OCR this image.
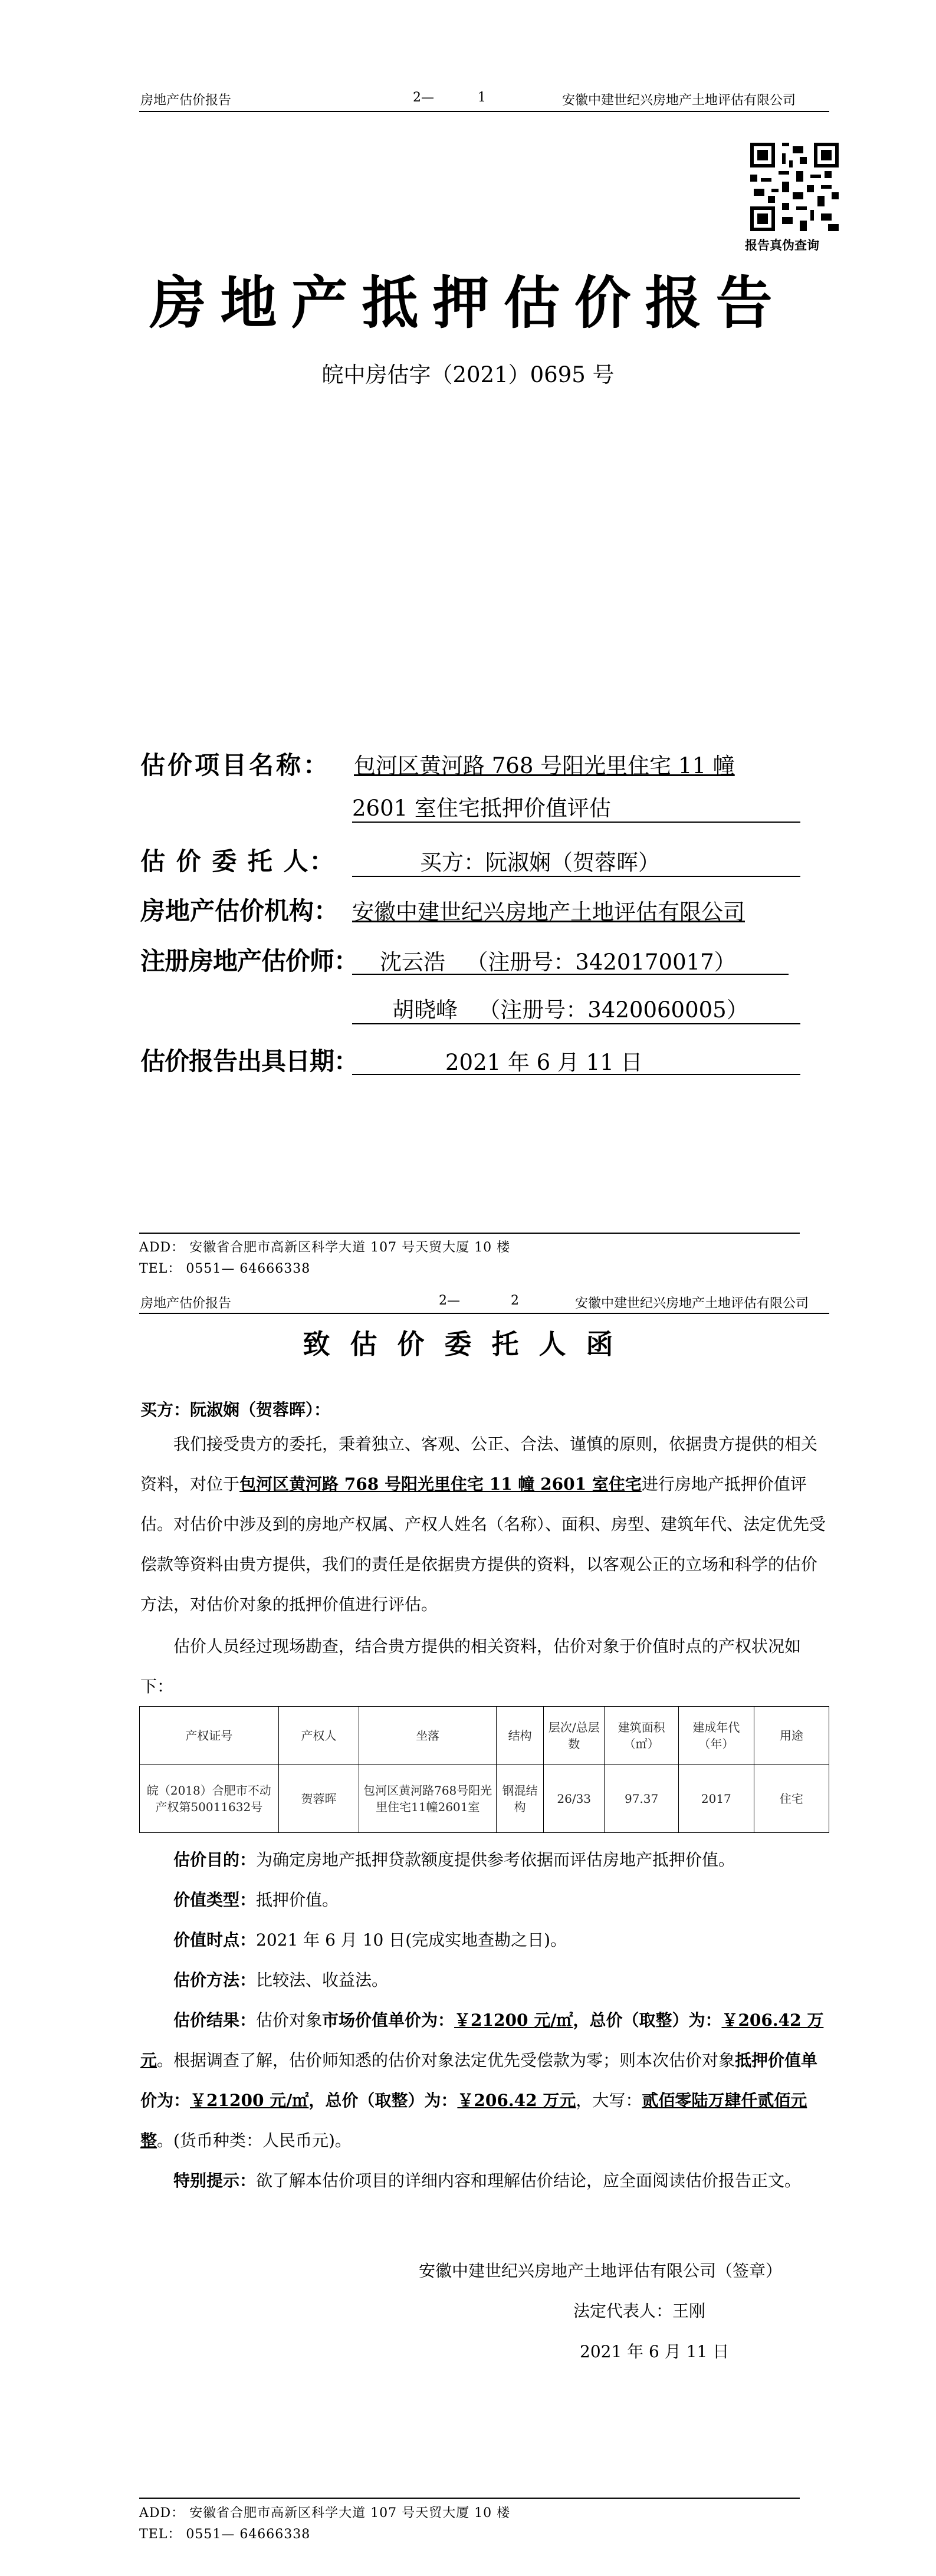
房地产估价报告	2—	1	安徽中建世纪兴房地产土地评估有限公司
报告真伪查询
房地产抵押估价报告
皖中房估字（2021）0695 号
估价项目名称： 包河区黄河路 768 号阳光里住宅 11 幢
2601 室住宅抵押价值评估
估 价 委 托 人：	买方：阮淑娴（贺蓉晖）
房地产估价机构： 安徽中建世纪兴房地产土地评估有限公司
注册房地产估价师： 沈云浩   （注册号：3420170017）
胡晓峰   （注册号：3420060005）
估价报告出具日期：	2021 年 6 月 11 日
ADD： 安徽省合肥市高新区科学大道 107 号天贸大厦 10 楼
TEL： 0551— 64666338
房地产估价报告	2—	2	安徽中建世纪兴房地产土地评估有限公司
致估价委托人函
买方：阮淑娴（贺蓉晖）：
我们接受贵方的委托，秉着独立、客观、公正、合法、谨慎的原则，依据贵方提供的相关资料，对位于包河区黄河路 768 号阳光里住宅 11 幢 2601 室住宅进行房地产抵押价值评估。对估价中涉及到的房地产权属、产权人姓名（名称）、面积、房型、建筑年代、法定优先受偿款等资料由贵方提供，我们的责任是依据贵方提供的资料，以客观公正的立场和科学的估价方法，对估价对象的抵押价值进行评估。
估价人员经过现场勘查，结合贵方提供的相关资料，估价对象于价值时点的产权状况如下：
产权证号	产权人	坐落	结构	层次/总层数	建筑面积（㎡）	建成年代（年）	用途
皖（2018）合肥市不动产权第50011632号	贺蓉晖	包河区黄河路768号阳光里住宅11幢2601室	钢混结构	26/33	97.37	2017	住宅
估价目的：为确定房地产抵押贷款额度提供参考依据而评估房地产抵押价值。
价值类型：抵押价值。
价值时点：2021 年 6 月 10 日(完成实地查勘之日)。
估价方法：比较法、收益法。
估价结果：估价对象市场价值单价为：￥21200 元/㎡，总价（取整）为：￥206.42 万元。根据调查了解，估价师知悉的估价对象法定优先受偿款为零；则本次估价对象抵押价值单价为：￥21200 元/㎡，总价（取整）为：￥206.42 万元，大写：贰佰零陆万肆仟贰佰元整。(货币种类：人民币元)。
特别提示：欲了解本估价项目的详细内容和理解估价结论，应全面阅读估价报告正文。
安徽中建世纪兴房地产土地评估有限公司（签章）
法定代表人：王刚
2021 年 6 月 11 日
ADD： 安徽省合肥市高新区科学大道 107 号天贸大厦 10 楼
TEL： 0551— 64666338
